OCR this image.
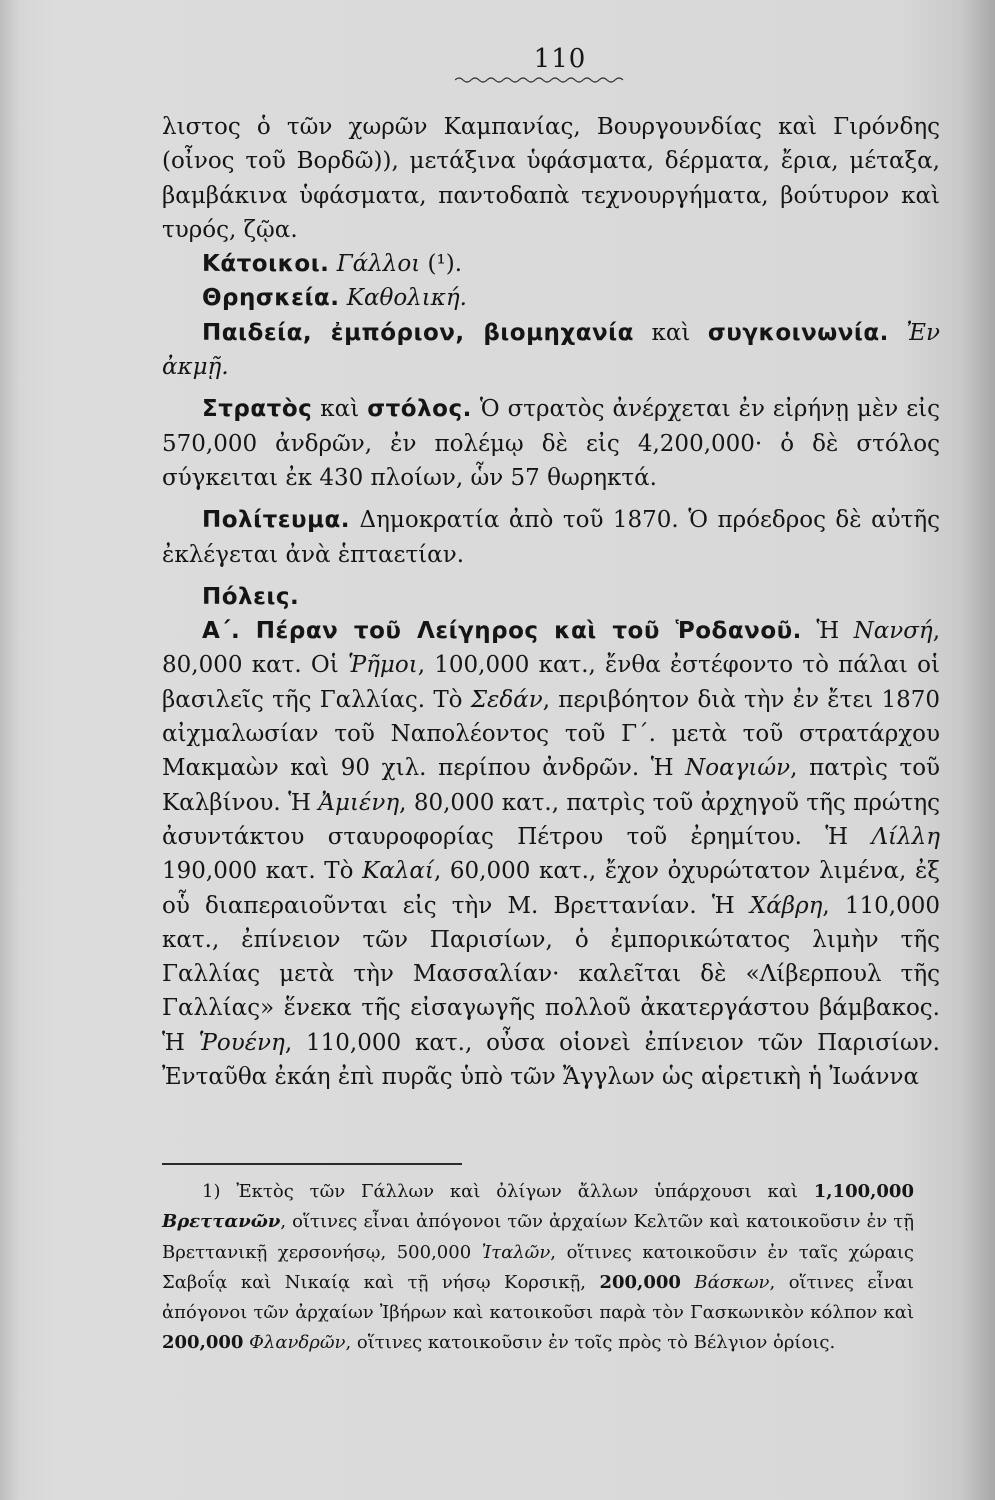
110

λιστος ὁ τῶν χωρῶν Καμπανίας, Βουργουνδίας καὶ Γιρόνδης (οἶνος τοῦ Βορδῶ)), μετάξινα ὑφάσματα, δέρματα, ἔρια, μέταξα, βαμβάκινα ὑφάσματα, παντοδαπὰ τεχνουργήματα, βούτυρον καὶ τυρός, ζῷα.

Κάτοικοι. Γάλλοι (¹).

Θρησκεία. Καθολική.

Παιδεία, ἐμπόριον, βιομηχανία καὶ συγκοινωνία. Ἐν ἀκμῇ.

Στρατὸς καὶ στόλος. Ὁ στρατὸς ἀνέρχεται ἐν εἰρήνῃ μὲν εἰς 570,000 ἀνδρῶν, ἐν πολέμῳ δὲ εἰς 4,200,000· ὁ δὲ στόλος σύγκειται ἐκ 430 πλοίων, ὧν 57 θωρηκτά.

Πολίτευμα. Δημοκρατία ἀπὸ τοῦ 1870. Ὁ πρόεδρος δὲ αὐτῆς ἐκλέγεται ἀνὰ ἑπταετίαν.

Πόλεις.

Α΄. Πέραν τοῦ Λείγηρος καὶ τοῦ Ῥοδανοῦ. Ἡ Νανσή, 80,000 κατ. Οἱ Ῥῆμοι, 100,000 κατ., ἔνθα ἐστέφοντο τὸ πάλαι οἱ βασιλεῖς τῆς Γαλλίας. Τὸ Σεδάν, περιβόητον διὰ τὴν ἐν ἔτει 1870 αἰχμαλωσίαν τοῦ Ναπολέοντος τοῦ Γ΄. μετὰ τοῦ στρατάρχου Μακμαὼν καὶ 90 χιλ. περίπου ἀνδρῶν. Ἡ Νοαγιών, πατρὶς τοῦ Καλβίνου. Ἡ Ἀμιένη, 80,000 κατ., πατρὶς τοῦ ἀρχηγοῦ τῆς πρώτης ἀσυντάκτου σταυροφορίας Πέτρου τοῦ ἐρημίτου. Ἡ Λίλλη 190,000 κατ. Τὸ Καλαί, 60,000 κατ., ἔχον ὀχυρώτατον λιμένα, ἐξ οὗ διαπεραιοῦνται εἰς τὴν Μ. Βρεττανίαν. Ἡ Χάβρη, 110,000 κατ., ἐπίνειον τῶν Παρισίων, ὁ ἐμπορικώτατος λιμὴν τῆς Γαλλίας μετὰ τὴν Μασσαλίαν· καλεῖται δὲ «Λίβερπουλ τῆς Γαλλίας» ἕνεκα τῆς εἰσαγωγῆς πολλοῦ ἀκατεργάστου βάμβακος. Ἡ Ῥουένη, 110,000 κατ., οὖσα οἱονεὶ ἐπίνειον τῶν Παρισίων. Ἐνταῦθα ἐκάη ἐπὶ πυρᾶς ὑπὸ τῶν Ἄγγλων ὡς αἱρετικὴ ἡ Ἰωάννα

1) Ἐκτὸς τῶν Γάλλων καὶ ὀλίγων ἄλλων ὑπάρχουσι καὶ 1,100,000 Βρεττανῶν, οἵτινες εἶναι ἀπόγονοι τῶν ἀρχαίων Κελτῶν καὶ κατοικοῦσιν ἐν τῇ Βρεττανικῇ χερσονήσῳ, 500,000 Ἰταλῶν, οἵτινες κατοικοῦσιν ἐν ταῖς χώραις Σαβοΐᾳ καὶ Νικαίᾳ καὶ τῇ νήσῳ Κορσικῇ, 200,000 Βάσκων, οἵτινες εἶναι ἀπόγονοι τῶν ἀρχαίων Ἰβήρων καὶ κατοικοῦσι παρὰ τὸν Γασκωνικὸν κόλπον καὶ 200,000 Φλανδρῶν, οἵτινες κατοικοῦσιν ἐν τοῖς πρὸς τὸ Βέλγιον ὁρίοις.
